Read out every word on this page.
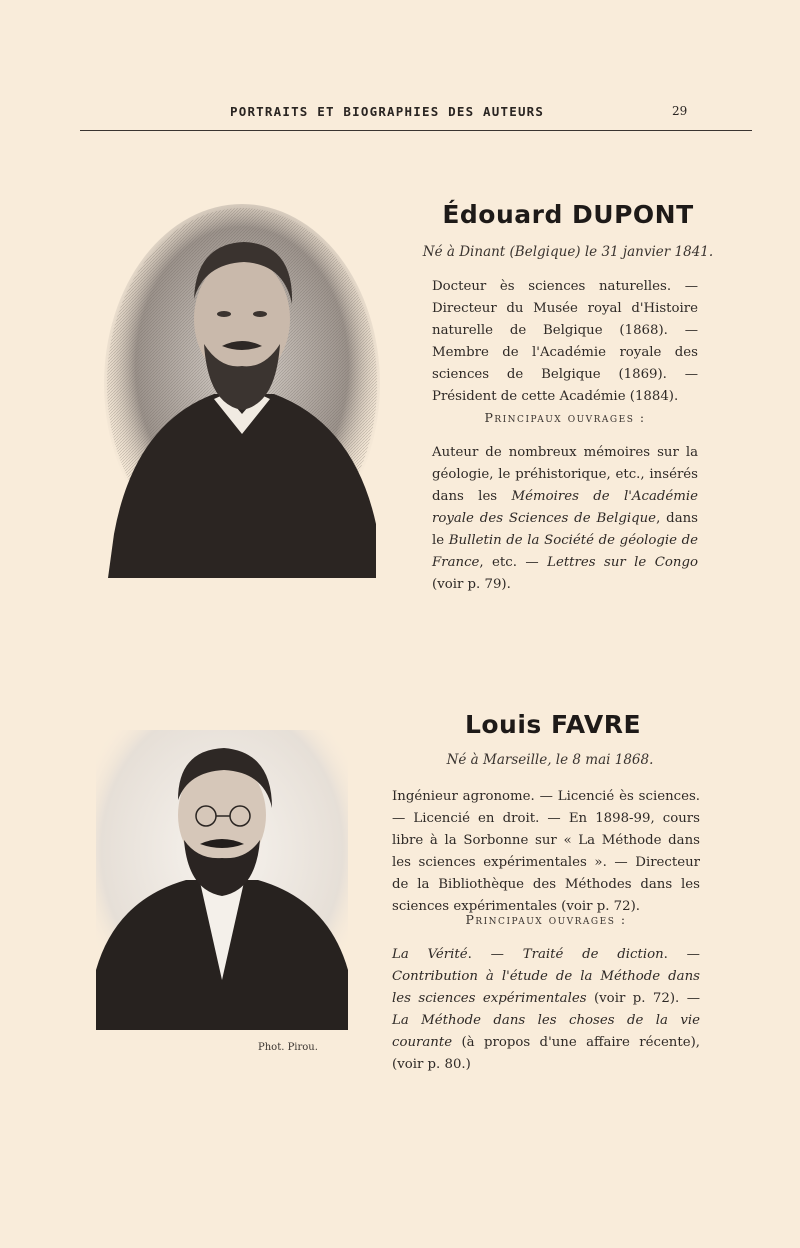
PORTRAITS ET BIOGRAPHIES DES AUTEURS	29
Édouard DUPONT
Né à Dinant (Belgique) le 31 janvier 1841.

Docteur ès sciences naturelles. — Directeur du Musée royal d'Histoire naturelle de Belgique (1868). — Membre de l'Académie royale des sciences de Belgique (1869). — Président de cette Académie (1884).

Principaux ouvrages :

Auteur de nombreux mémoires sur la géologie, le préhistorique, etc., insérés dans les Mémoires de l'Académie royale des Sciences de Belgique, dans le Bulletin de la Société de géologie de France, etc. — Lettres sur le Congo (voir p. 79).

Louis FAVRE
Né à Marseille, le 8 mai 1868.

Ingénieur agronome. — Licencié ès sciences. — Licencié en droit. — En 1898-99, cours libre à la Sorbonne sur « La Méthode dans les sciences expérimentales ». — Directeur de la Bibliothèque des Méthodes dans les sciences expérimentales (voir p. 72).

Principaux ouvrages :

La Vérité. — Traité de diction. — Contribution à l'étude de la Méthode dans les sciences expérimentales (voir p. 72). — La Méthode dans les choses de la vie courante (à propos d'une affaire récente), (voir p. 80.)

Phot. Pirou.
